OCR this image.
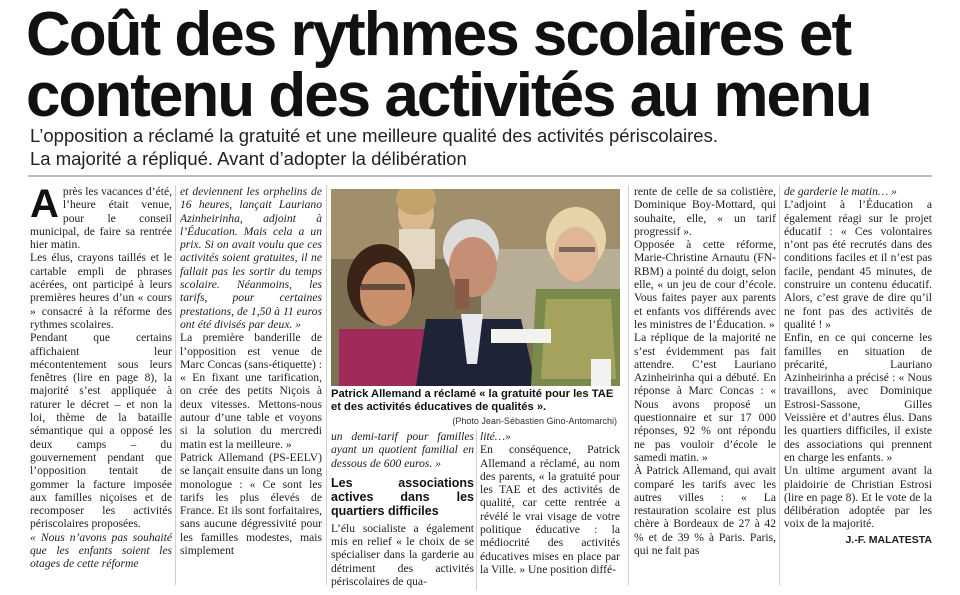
Coût des rythmes scolaires et
contenu des activités au menu
L’opposition a réclamé la gratuité et une meilleure qualité des activités périscolaires.
La majorité a répliqué. Avant d’adopter la délibération

Après les vacances d’été, l’heure était venue, pour le conseil municipal, de faire sa rentrée hier matin.

Les élus, crayons taillés et le cartable empli de phrases acérées, ont participé à leurs premières heures d’un « cours » consacré à la réforme des rythmes scolaires.

Pendant que certains affichaient leur mécontentement sous leurs fenêtres (lire en page 8), la majorité s’est appliquée à raturer le décret – et non la loi, thème de la bataille sémantique qui a opposé les deux camps – du gouvernement pendant que l’opposition tentait de gommer la facture imposée aux familles niçoises et de recomposer les activités périscolaires proposées.

« Nous n’avons pas souhaité que les enfants soient les otages de cette réforme

et deviennent les orphelins de 16 heures, lançait Lauriano Azinheirinha, adjoint à l’Éducation. Mais cela a un prix. Si on avait voulu que ces activités soient gratuites, il ne fallait pas les sortir du temps scolaire. Néanmoins, les tarifs, pour certaines prestations, de 1,50 à 11 euros ont été divisés par deux. »

La première banderille de l’opposition est venue de Marc Concas (sans-étiquette) : « En fixant une tarification, on crée des petits Niçois à deux vitesses. Mettons-nous autour d’une table et voyons si la solution du mercredi matin est la meilleure. »

Patrick Allemand (PS-EELV) se lançait ensuite dans un long monologue : « Ce sont les tarifs les plus élevés de France. Et ils sont forfaitaires, sans aucune dégressivité pour les familles modestes, mais simplement

Patrick Allemand a réclamé « la gratuité pour les TAE et des activités éducatives de qualités ».
(Photo Jean-Sébastien Gino-Antomarchi)

un demi-tarif pour familles ayant un quotient familial en dessous de 600 euros. »

Les associations actives dans les quartiers difficiles

L’élu socialiste a également mis en relief « le choix de se spécialiser dans la garderie au détriment des activités périscolaires de qua-

lité…»

En conséquence, Patrick Allemand a réclamé, au nom des parents, « la gratuité pour les TAE et des activités de qualité, car cette rentrée a révélé le vrai visage de votre politique éducative : la médiocrité des activités éducatives mises en place par la Ville. » Une position diffé-

rente de celle de sa colistière, Dominique Boy-Mottard, qui souhaite, elle, « un tarif progressif ».

Opposée à cette réforme, Marie-Christine Arnautu (FN-RBM) a pointé du doigt, selon elle, « un jeu de cour d’école. Vous faites payer aux parents et enfants vos différends avec les ministres de l’Éducation. »

La réplique de la majorité ne s’est évidemment pas fait attendre. C’est Lauriano Azinheirinha qui a débuté. En réponse à Marc Concas : « Nous avons proposé un questionnaire et sur 17 000 réponses, 92 % ont répondu ne pas vouloir d’école le samedi matin. »

À Patrick Allemand, qui avait comparé les tarifs avec les autres villes : « La restauration scolaire est plus chère à Bordeaux de 27 à 42 % et de 39 % à Paris. Paris, qui ne fait pas

de garderie le matin… »

L’adjoint à l’Éducation a également réagi sur le projet éducatif : « Ces volontaires n’ont pas été recrutés dans des conditions faciles et il n’est pas facile, pendant 45 minutes, de construire un contenu éducatif. Alors, c’est grave de dire qu’il ne font pas des activités de qualité ! »

Enfin, en ce qui concerne les familles en situation de précarité, Lauriano Azinheirinha a précisé : « Nous travaillons, avec Dominique Estrosi-Sassone, Gilles Veissière et d’autres élus. Dans les quartiers difficiles, il existe des associations qui prennent en charge les enfants. »

Un ultime argument avant la plaidoirie de Christian Estrosi (lire en page 8). Et le vote de la délibération adoptée par les voix de la majorité.

J.-F. MALATESTA
